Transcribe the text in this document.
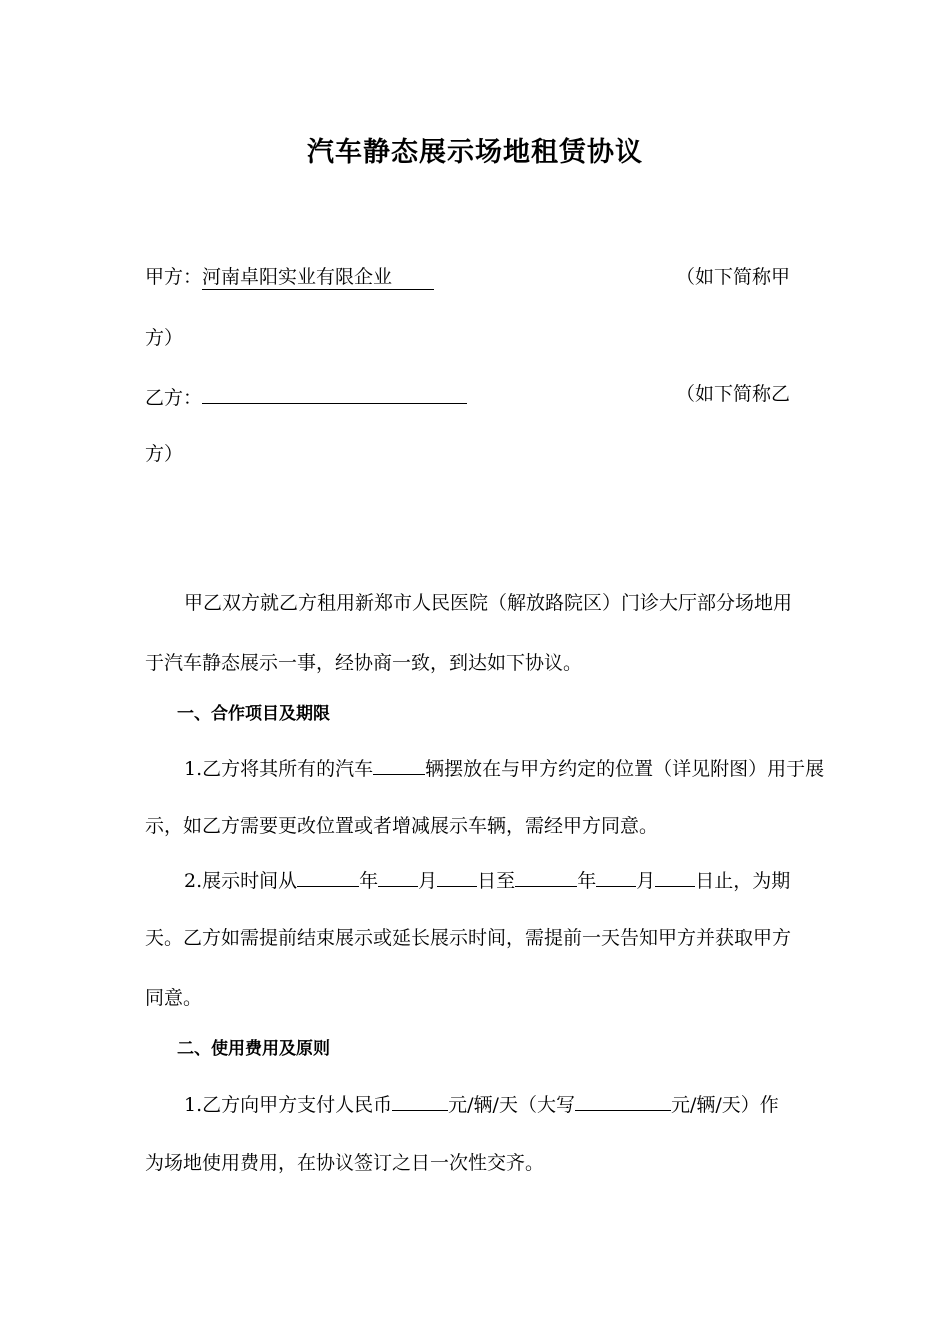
汽车静态展示场地租赁协议
甲方：河南卓阳实业有限企业	（如下简称甲
方）
乙方：	（如下简称乙
方）
甲乙双方就乙方租用新郑市人民医院（解放路院区）门诊大厅部分场地用
于汽车静态展示一事，经协商一致，到达如下协议。
一、合作项目及期限
1.乙方将其所有的汽车	辆摆放在与甲方约定的位置（详见附图）用于展
示，如乙方需要更改位置或者增减展示车辆，需经甲方同意。
2.展示时间从	年 月 日至	年 月 日止，为期
天。乙方如需提前结束展示或延长展示时间，需提前一天告知甲方并获取甲方
同意。
二、使用费用及原则
1.乙方向甲方支付人民币	元/辆/天（大写	元/辆/天）作
为场地使用费用，在协议签订之日一次性交齐。
